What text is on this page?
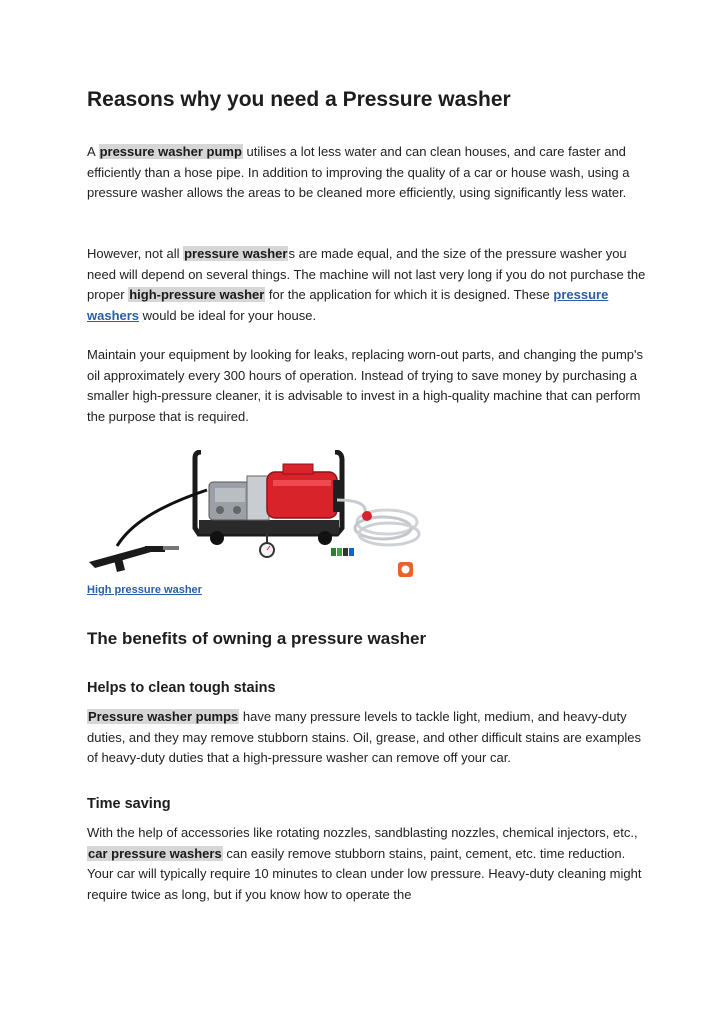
Reasons why you need a Pressure washer

A pressure washer pump utilises a lot less water and can clean houses, and care faster and efficiently than a hose pipe. In addition to improving the quality of a car or house wash, using a pressure washer allows the areas to be cleaned more efficiently, using significantly less water.

However, not all pressure washers are made equal, and the size of the pressure washer you need will depend on several things. The machine will not last very long if you do not purchase the proper high-pressure washer for the application for which it is designed. These pressure washers would be ideal for your house.

Maintain your equipment by looking for leaks, replacing worn-out parts, and changing the pump's oil approximately every 300 hours of operation. Instead of trying to save money by purchasing a smaller high-pressure cleaner, it is advisable to invest in a high-quality machine that can perform the purpose that is required.

High pressure washer
The benefits of owning a pressure washer
Helps to clean tough stains

Pressure washer pumps have many pressure levels to tackle light, medium, and heavy-duty duties, and they may remove stubborn stains. Oil, grease, and other difficult stains are examples of heavy-duty duties that a high-pressure washer can remove off your car.

Time saving

With the help of accessories like rotating nozzles, sandblasting nozzles, chemical injectors, etc., car pressure washers can easily remove stubborn stains, paint, cement, etc. time reduction. Your car will typically require 10 minutes to clean under low pressure. Heavy-duty cleaning might require twice as long, but if you know how to operate the
